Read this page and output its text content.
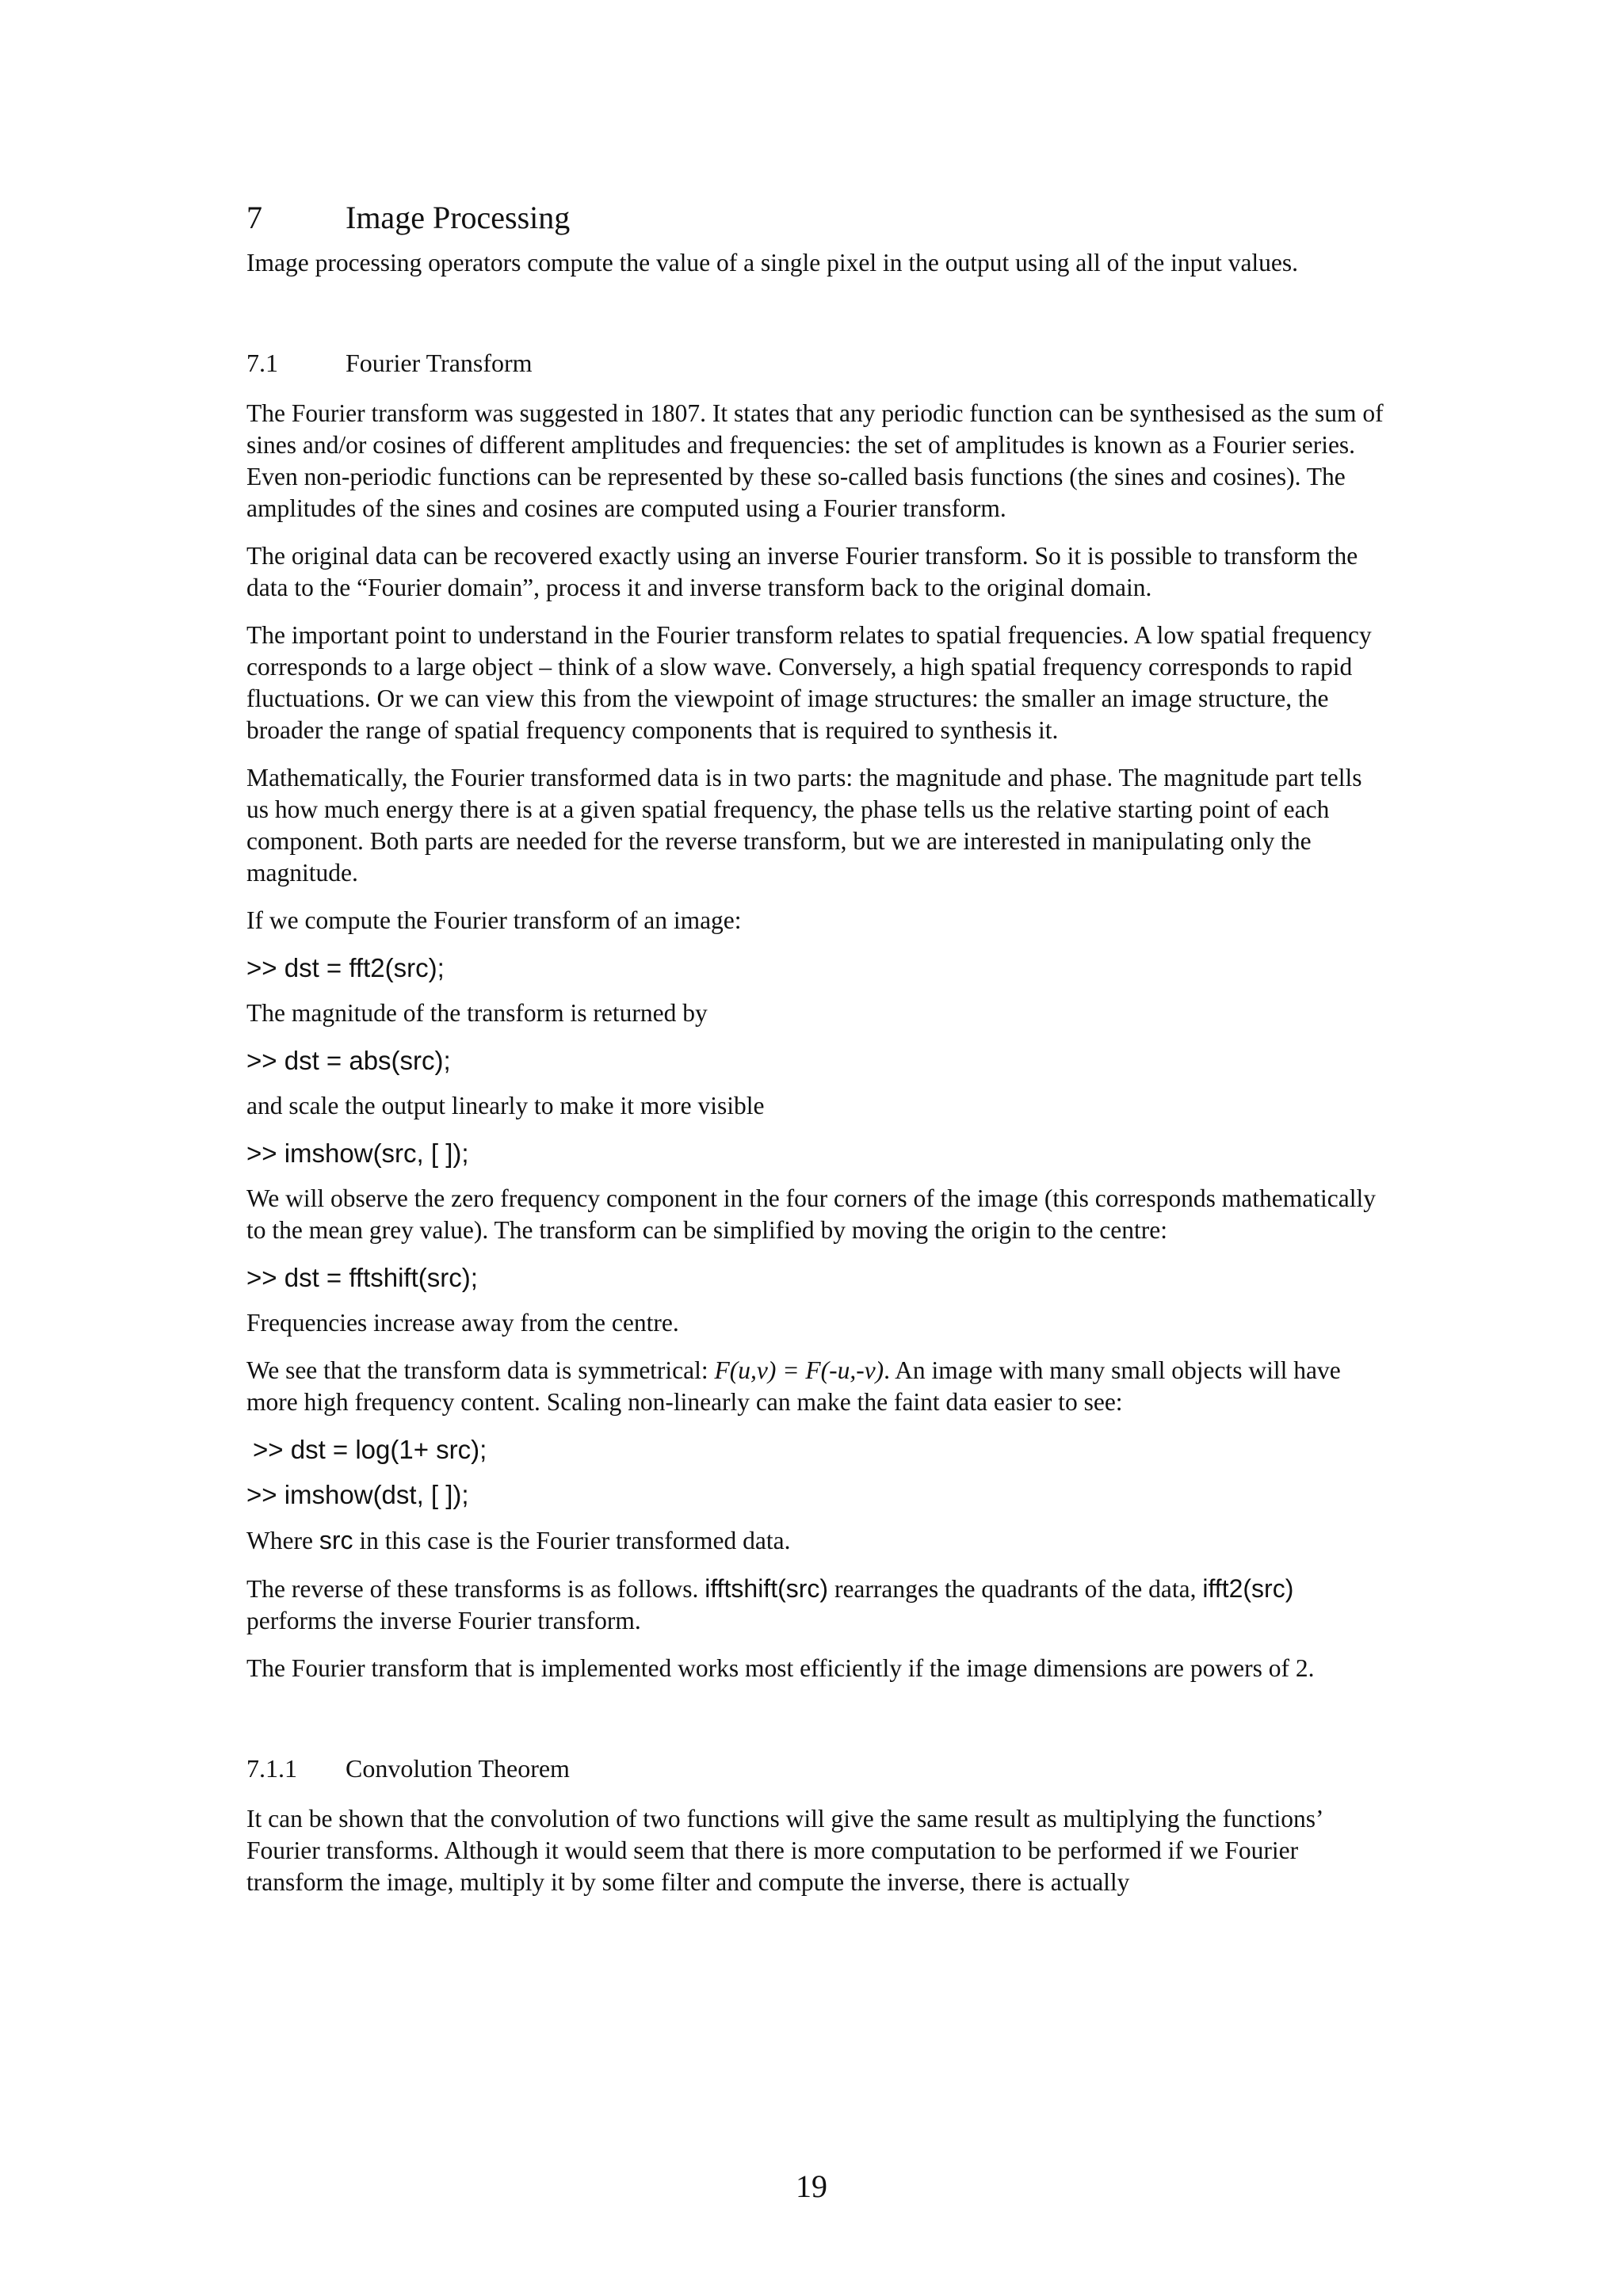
7	Image Processing

Image processing operators compute the value of a single pixel in the output using all of the input values.

7.1	Fourier Transform

The Fourier transform was suggested in 1807. It states that any periodic function can be synthesised as the sum of sines and/or cosines of different amplitudes and frequencies: the set of amplitudes is known as a Fourier series. Even non-periodic functions can be represented by these so-called basis functions (the sines and cosines). The amplitudes of the sines and cosines are computed using a Fourier transform.

The original data can be recovered exactly using an inverse Fourier transform. So it is possible to transform the data to the “Fourier domain”, process it and inverse transform back to the original domain.

The important point to understand in the Fourier transform relates to spatial frequencies. A low spatial frequency corresponds to a large object – think of a slow wave. Conversely, a high spatial frequency corresponds to rapid fluctuations. Or we can view this from the viewpoint of image structures: the smaller an image structure, the broader the range of spatial frequency components that is required to synthesis it.

Mathematically, the Fourier transformed data is in two parts: the magnitude and phase. The magnitude part tells us how much energy there is at a given spatial frequency, the phase tells us the relative starting point of each component. Both parts are needed for the reverse transform, but we are interested in manipulating only the magnitude.

If we compute the Fourier transform of an image:

>> dst = fft2(src);

The magnitude of the transform is returned by

>> dst = abs(src);

and scale the output linearly to make it more visible

>> imshow(src, [ ]);

We will observe the zero frequency component in the four corners of the image (this corresponds mathematically to the mean grey value). The transform can be simplified by moving the origin to the centre:

>> dst = fftshift(src);

Frequencies increase away from the centre.

We see that the transform data is symmetrical: F(u,v) = F(-u,-v). An image with many small objects will have more high frequency content. Scaling non-linearly can make the faint data easier to see:

>> dst = log(1+ src);
>> imshow(dst, [ ]);

Where src in this case is the Fourier transformed data.

The reverse of these transforms is as follows. ifftshift(src) rearranges the quadrants of the data, ifft2(src) performs the inverse Fourier transform.

The Fourier transform that is implemented works most efficiently if the image dimensions are powers of 2.

7.1.1	Convolution Theorem

It can be shown that the convolution of two functions will give the same result as multiplying the functions’ Fourier transforms. Although it would seem that there is more computation to be performed if we Fourier transform the image, multiply it by some filter and compute the inverse, there is actually

19
